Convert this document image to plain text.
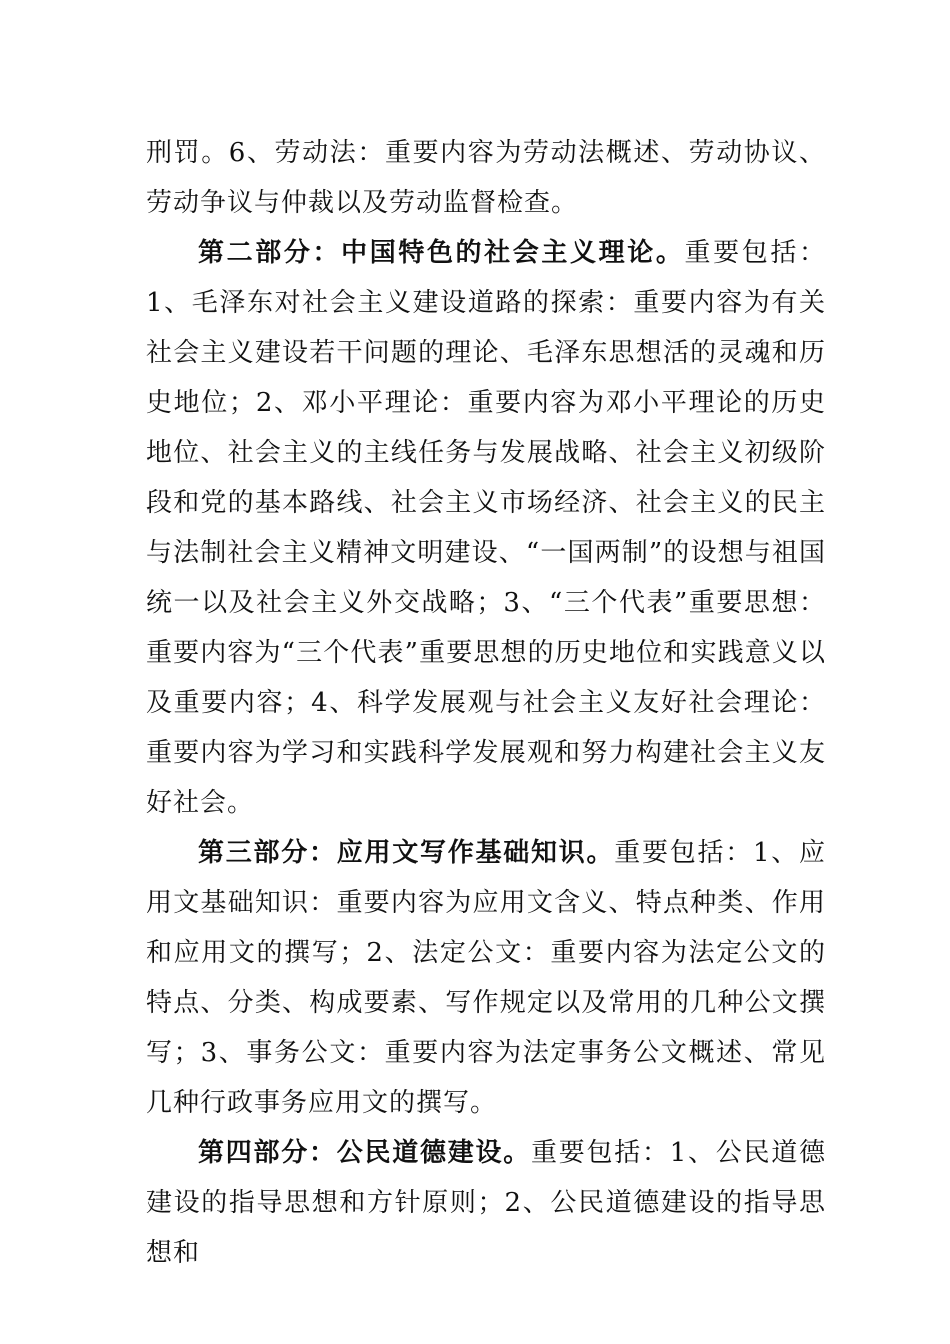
刑罚。6、劳动法：重要内容为劳动法概述、劳动协议、劳动争议与仲裁以及劳动监督检查。

第二部分：中国特色的社会主义理论。重要包括：1、毛泽东对社会主义建设道路的探索：重要内容为有关社会主义建设若干问题的理论、毛泽东思想活的灵魂和历史地位；2、邓小平理论：重要内容为邓小平理论的历史地位、社会主义的主线任务与发展战略、社会主义初级阶段和党的基本路线、社会主义市场经济、社会主义的民主与法制社会主义精神文明建设、“一国两制”的设想与祖国统一以及社会主义外交战略；3、“三个代表”重要思想：重要内容为“三个代表”重要思想的历史地位和实践意义以及重要内容；4、科学发展观与社会主义友好社会理论：重要内容为学习和实践科学发展观和努力构建社会主义友好社会。

第三部分：应用文写作基础知识。重要包括：1、应用文基础知识：重要内容为应用文含义、特点种类、作用和应用文的撰写；2、法定公文：重要内容为法定公文的特点、分类、构成要素、写作规定以及常用的几种公文撰写；3、事务公文：重要内容为法定事务公文概述、常见几种行政事务应用文的撰写。

第四部分：公民道德建设。重要包括：1、公民道德建设的指导思想和方针原则；2、公民道德建设的指导思想和
